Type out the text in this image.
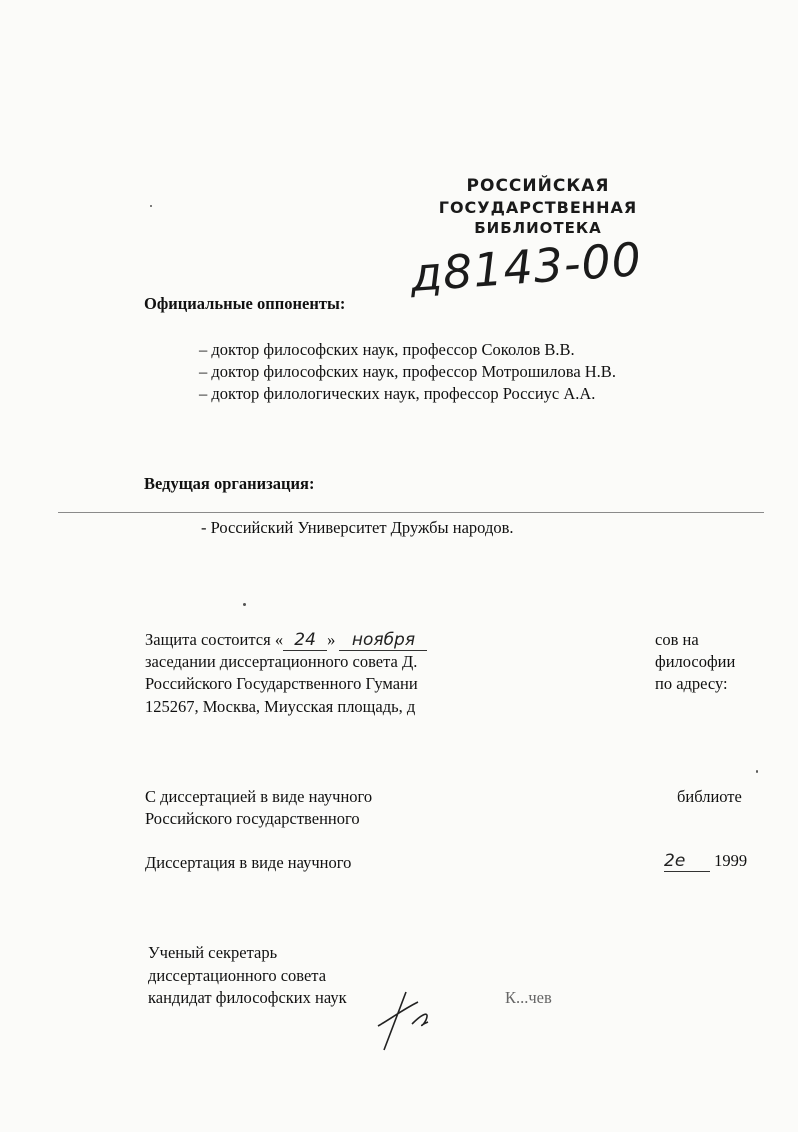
РОССИЙСКАЯ
ГОСУДАРСТВЕННАЯ
БИБЛИОТЕКА
д8143-00
Официальные оппоненты:
– доктор философских наук, профессор Соколов В.В.
– доктор философских наук, профессор Мотрошилова Н.В.
– доктор филологических наук, профессор Россиус А.А.
Ведущая организация:
- Российский Университет Дружбы народов.
Защита состоится « 24 » ноября	сов на
заседании диссертационного совета Д.	философии
Российского Государственного Гумани	по адресу:
125267, Москва, Миусская площадь, д
С диссертацией в виде научного	библиоте
Российского государственного
Диссертация в виде научного	2е 1999
Ученый секретарь
диссертационного совета
кандидат философских наук	К...чев
